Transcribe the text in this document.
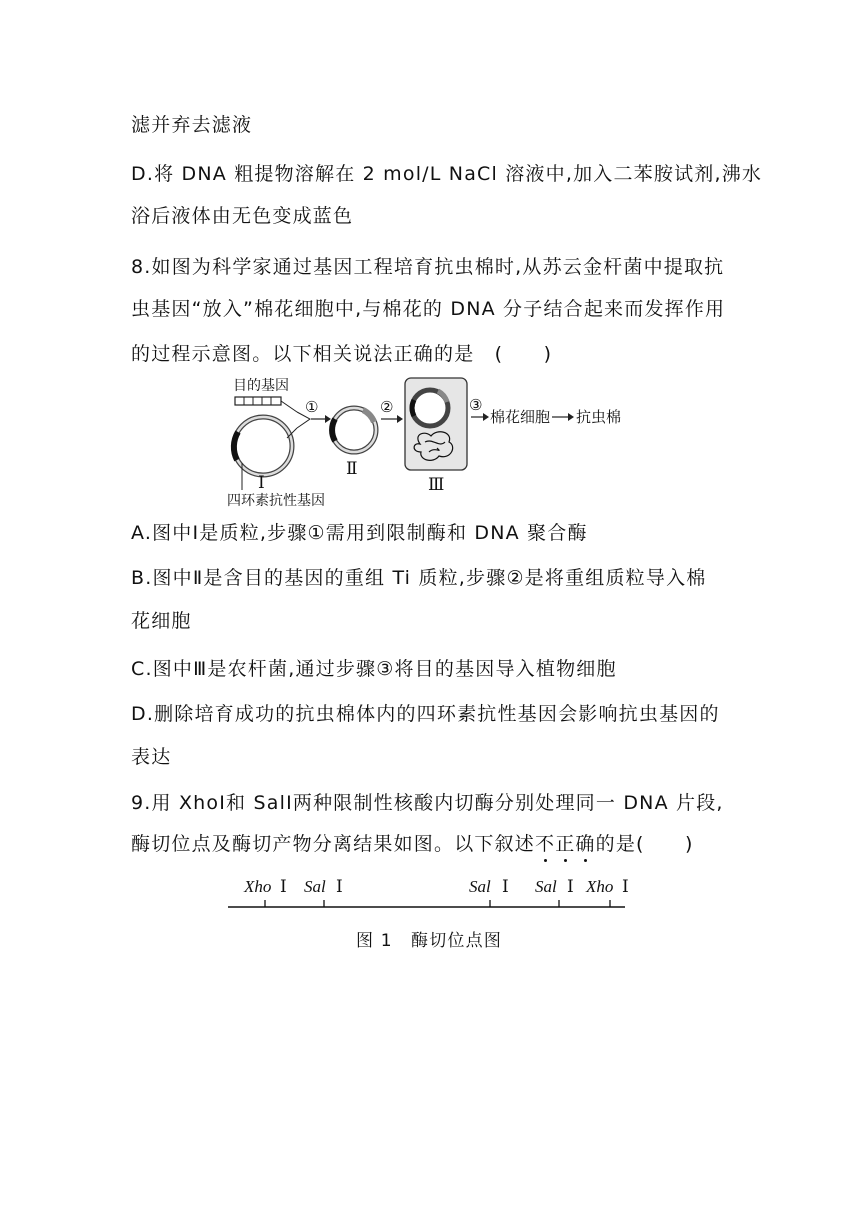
滤并弃去滤液
D.将 DNA 粗提物溶解在 2 mol/L NaCl 溶液中,加入二苯胺试剂,沸水
浴后液体由无色变成蓝色
8.如图为科学家通过基因工程培育抗虫棉时,从苏云金杆菌中提取抗
虫基因“放入”棉花细胞中,与棉花的 DNA 分子结合起来而发挥作用
的过程示意图。以下相关说法正确的是　(　　)
目的基因
Ⅰ
四环素抗性基因
①
Ⅱ
②
Ⅲ
③
棉花细胞 抗虫棉
A.图中Ⅰ是质粒,步骤①需用到限制酶和 DNA 聚合酶
B.图中Ⅱ是含目的基因的重组 Ti 质粒,步骤②是将重组质粒导入棉
花细胞
C.图中Ⅲ是农杆菌,通过步骤③将目的基因导入植物细胞
D.删除培育成功的抗虫棉体内的四环素抗性基因会影响抗虫基因的
表达
9.用 XhoⅠ和 SalⅠ两种限制性核酸内切酶分别处理同一 DNA 片段,
酶切位点及酶切产物分离结果如图。以下叙述不正确的是(　　)
Xho Ⅰ Sal Ⅰ	Sal Ⅰ Sal Ⅰ Xho Ⅰ
图 1　酶切位点图
